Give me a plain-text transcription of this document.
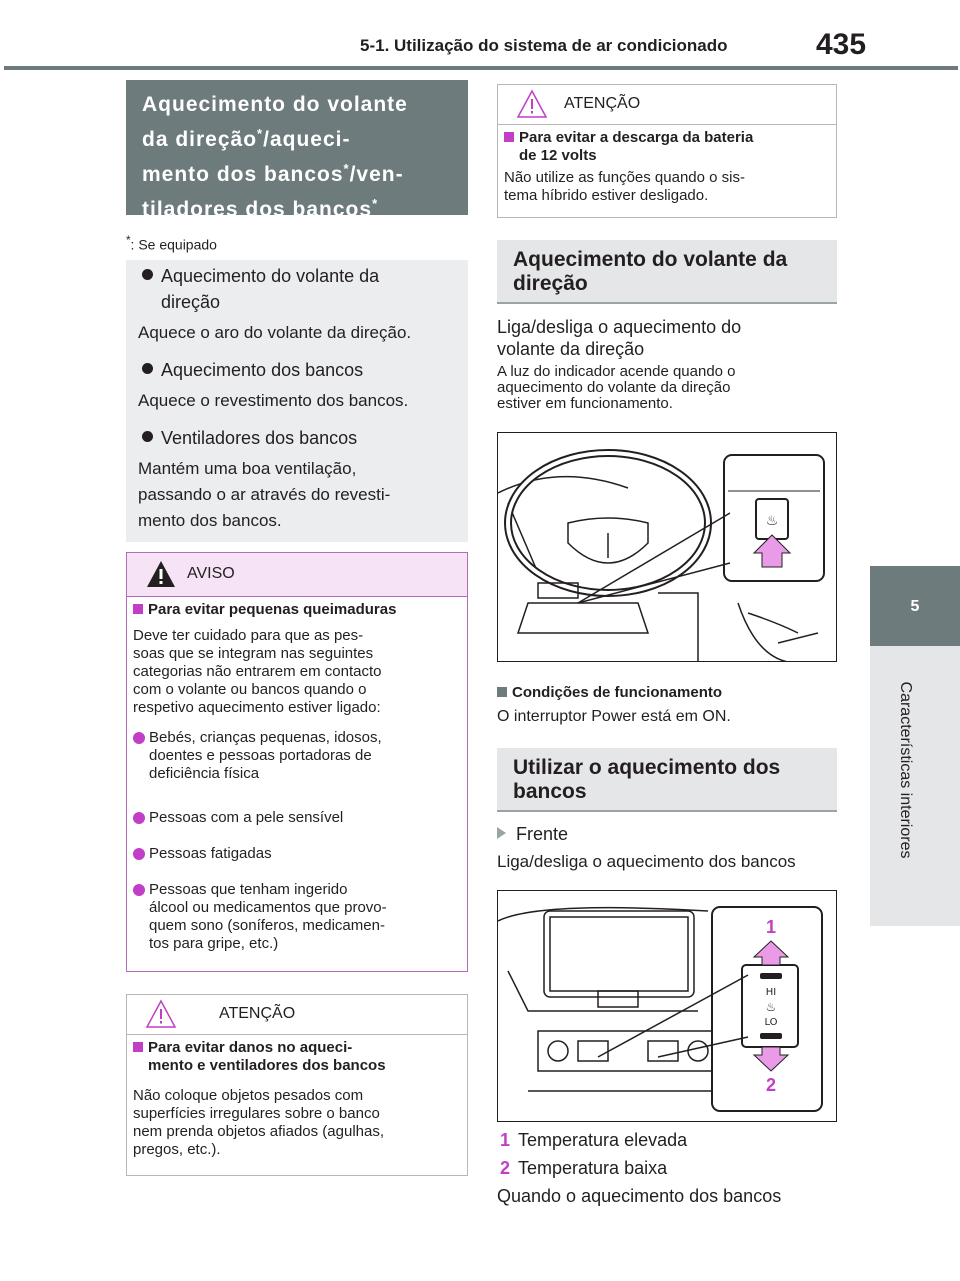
5-1. Utilização do sistema de ar condicionado	435
5
Características interiores
Aquecimento do volante
da direção*/aqueci-
mento dos bancos*/ven-
tiladores dos bancos*
*: Se equipado
Aquecimento do volante da
direção
Aquece o aro do volante da direção.
Aquecimento dos bancos
Aquece o revestimento dos bancos.
Ventiladores dos bancos
Mantém uma boa ventilação,
passando o ar através do revesti-
mento dos bancos.
AVISO
Para evitar pequenas queimaduras
Deve ter cuidado para que as pes-
soas que se integram nas seguintes
categorias não entrarem em contacto
com o volante ou bancos quando o
respetivo aquecimento estiver ligado:
Bebés, crianças pequenas, idosos,
doentes e pessoas portadoras de
deficiência física
Pessoas com a pele sensível
Pessoas fatigadas
Pessoas que tenham ingerido
álcool ou medicamentos que provo-
quem sono (soníferos, medicamen-
tos para gripe, etc.)
ATENÇÃO
Para evitar danos no aqueci-
mento e ventiladores dos bancos
Não coloque objetos pesados com
superfícies irregulares sobre o banco
nem prenda objetos afiados (agulhas,
pregos, etc.).
ATENÇÃO
Para evitar a descarga da bateria
de 12 volts
Não utilize as funções quando o sis-
tema híbrido estiver desligado.
Aquecimento do volante da
direção
Liga/desliga o aquecimento do
volante da direção
A luz do indicador acende quando o
aquecimento do volante da direção
estiver em funcionamento.
♨
Condições de funcionamento
O interruptor Power está em ON.
Utilizar o aquecimento dos
bancos
Frente
Liga/desliga o aquecimento dos bancos
HI
♨
LO
1
2
1 Temperatura elevada
2 Temperatura baixa
Quando o aquecimento dos bancos
